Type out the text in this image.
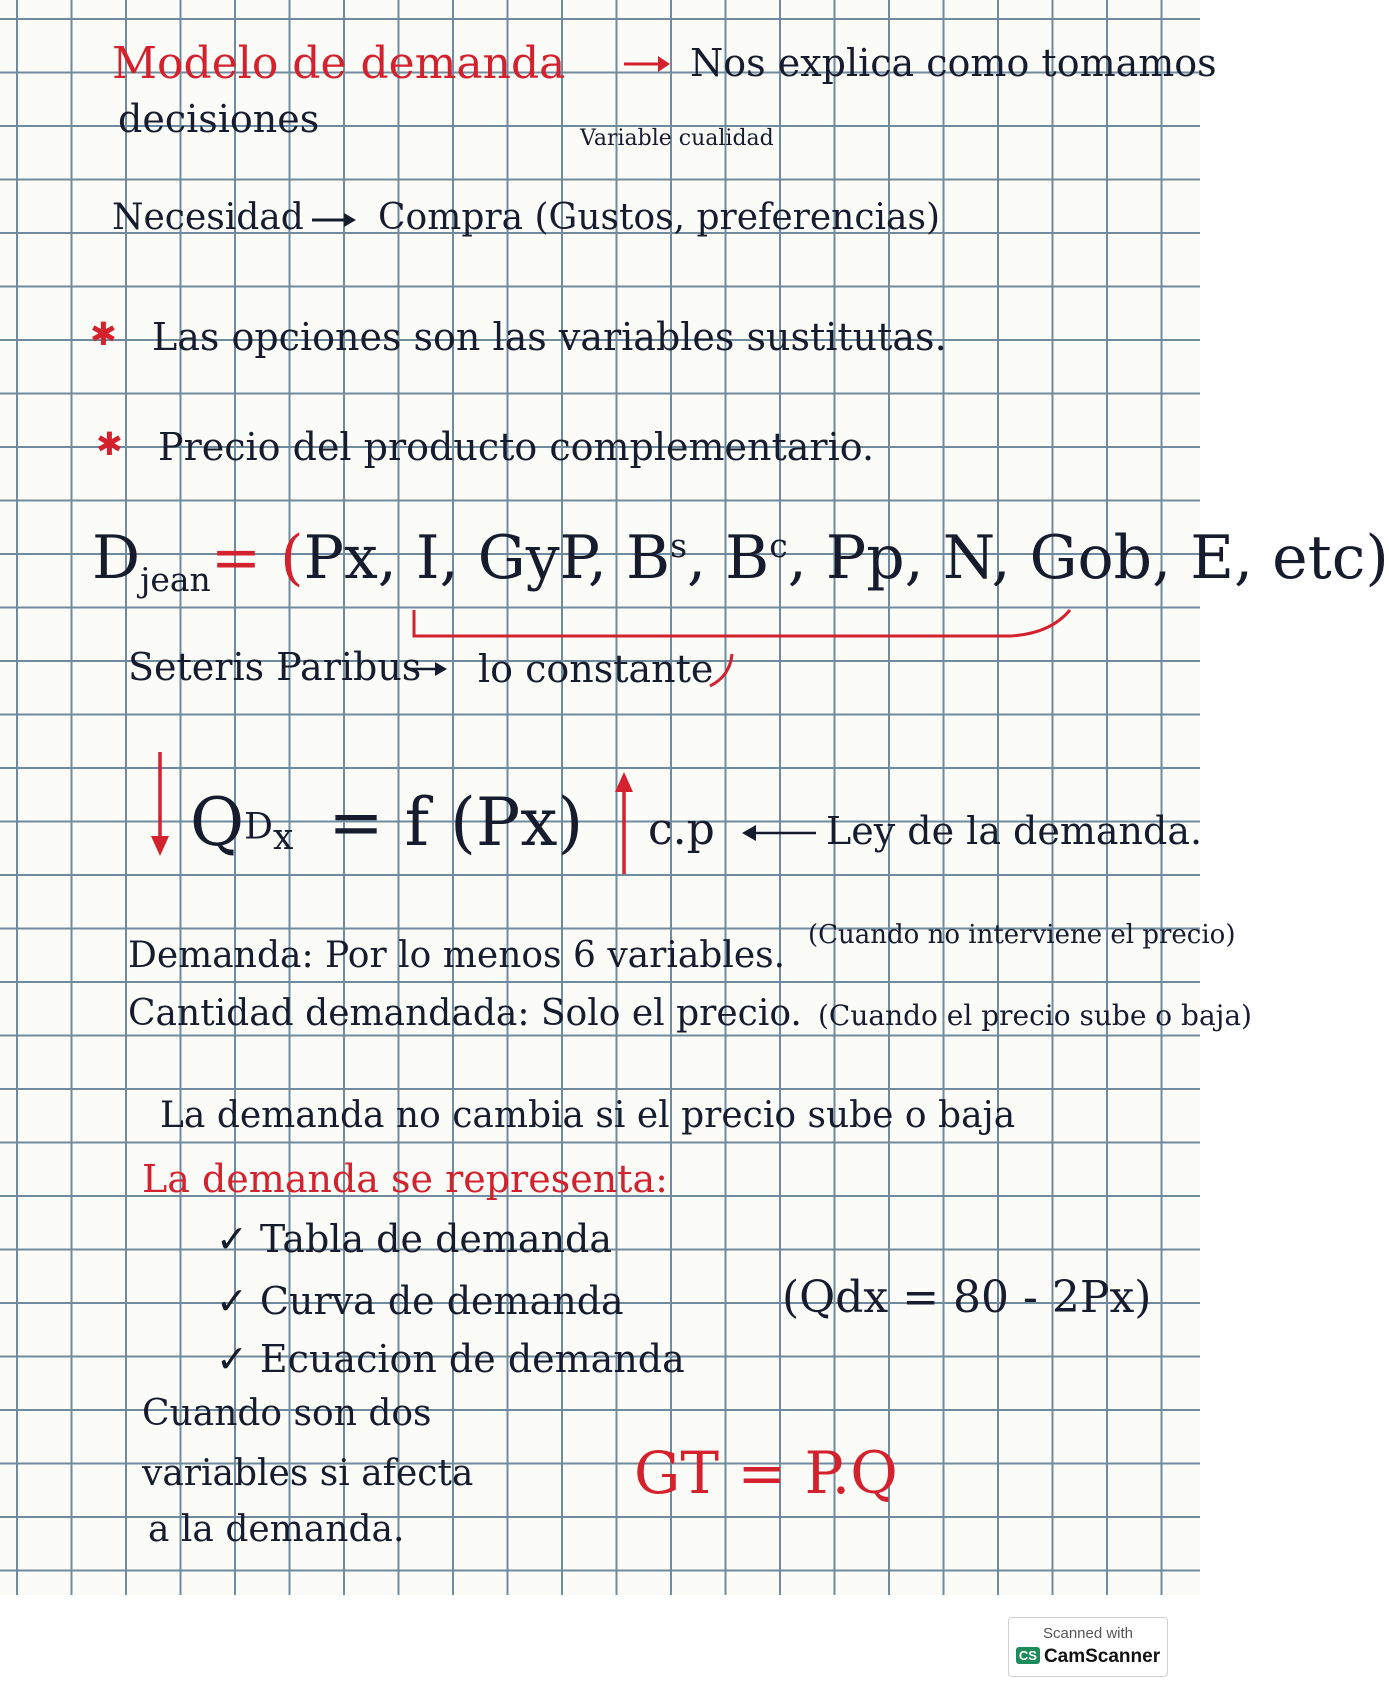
Modelo de demanda	Nos explica como tomamos
decisiones	Variable cualidad
Necesidad Compra (Gustos, preferencias)
✱ Las opciones son las variables sustitutas.
✱ Precio del producto complementario.
$D_{jean}= (Px$, I, GyP, $B^s$, $B^c$, Pp, N, Gob, E, etc)
Seteris Paribus lo constante
$Q^D_x = f$ (Px) c.p	Ley de la demanda.
Demanda: Por lo menos 6 variables. (Cuando no interviene el precio)
Cantidad demandada: Solo el precio. (Cuando el precio sube o baja)
La demanda no cambia si el precio sube o baja
La demanda se representa:
✓ Tabla de demanda
✓ Curva de demanda	(Qdx = 80 - 2Px)
✓ Ecuacion de demanda
Cuando son dos
variables si afecta
a la demanda.
GT = P.Q
Scanned with
CS CamScanner
